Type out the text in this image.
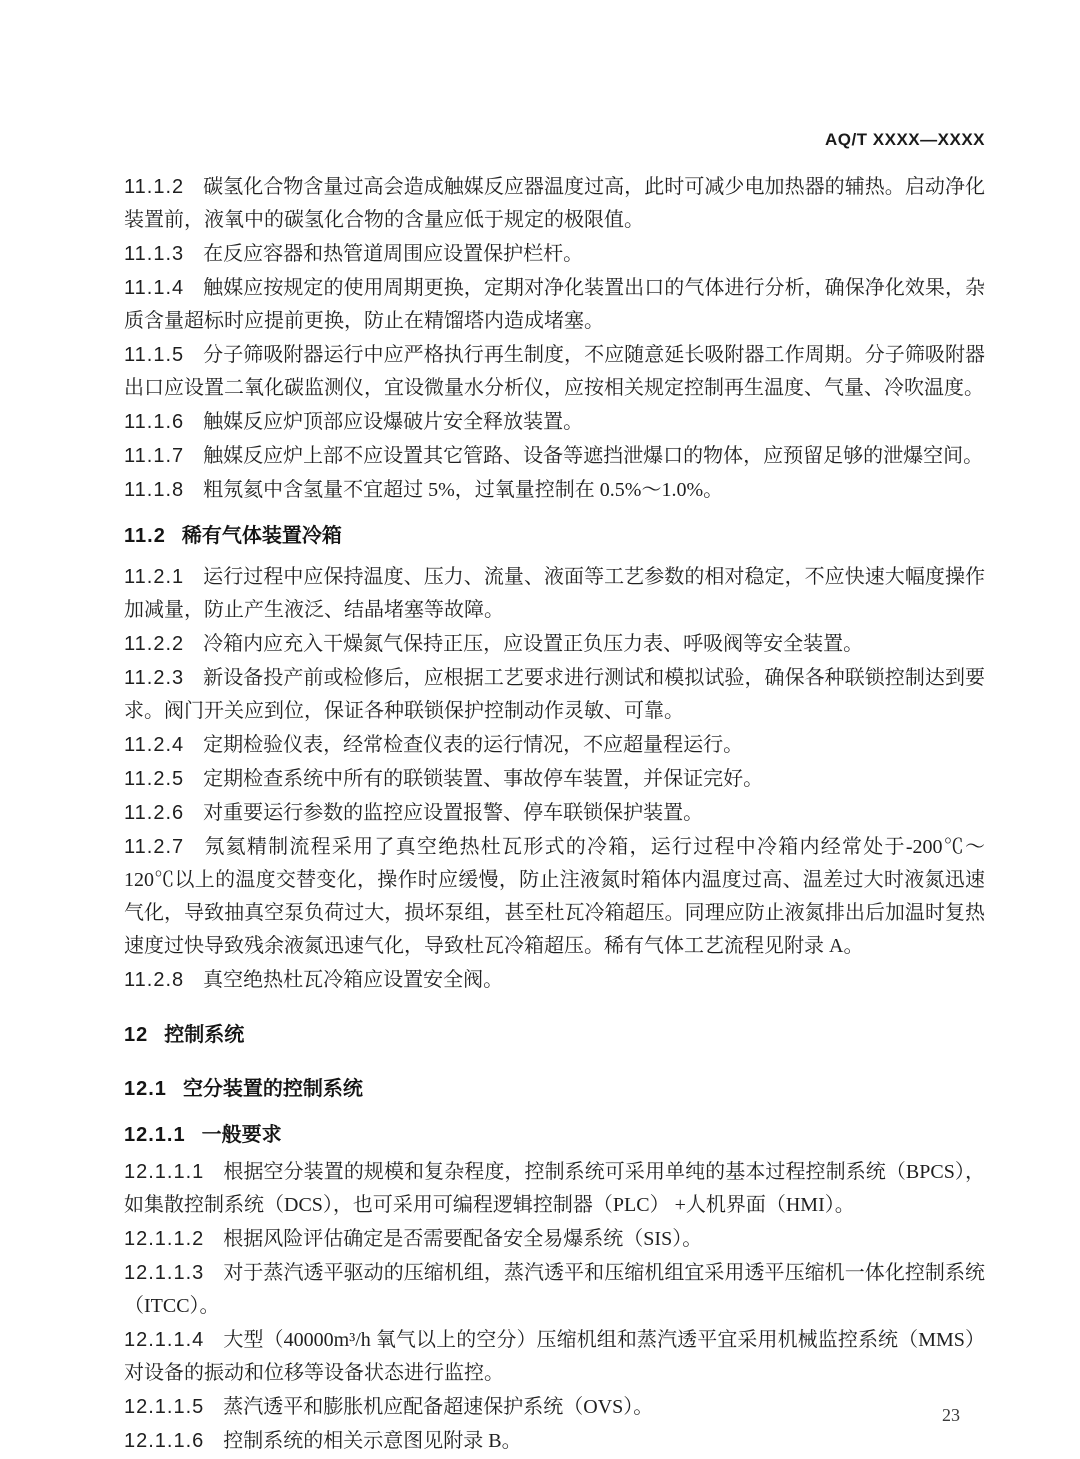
AQ/T XXXX—XXXX

11.1.2 碳氢化合物含量过高会造成触媒反应器温度过高，此时可减少电加热器的辅热。启动净化装置前，液氧中的碳氢化合物的含量应低于规定的极限值。

11.1.3 在反应容器和热管道周围应设置保护栏杆。

11.1.4 触媒应按规定的使用周期更换，定期对净化装置出口的气体进行分析，确保净化效果，杂质含量超标时应提前更换，防止在精馏塔内造成堵塞。

11.1.5 分子筛吸附器运行中应严格执行再生制度，不应随意延长吸附器工作周期。分子筛吸附器出口应设置二氧化碳监测仪，宜设微量水分析仪，应按相关规定控制再生温度、气量、冷吹温度。

11.1.6 触媒反应炉顶部应设爆破片安全释放装置。

11.1.7 触媒反应炉上部不应设置其它管路、设备等遮挡泄爆口的物体，应预留足够的泄爆空间。

11.1.8 粗氖氦中含氢量不宜超过 5%，过氧量控制在 0.5%～1.0%。

11.2 稀有气体装置冷箱

11.2.1 运行过程中应保持温度、压力、流量、液面等工艺参数的相对稳定，不应快速大幅度操作加减量，防止产生液泛、结晶堵塞等故障。

11.2.2 冷箱内应充入干燥氮气保持正压，应设置正负压力表、呼吸阀等安全装置。

11.2.3 新设备投产前或检修后，应根据工艺要求进行测试和模拟试验，确保各种联锁控制达到要求。阀门开关应到位，保证各种联锁保护控制动作灵敏、可靠。

11.2.4 定期检验仪表，经常检查仪表的运行情况，不应超量程运行。

11.2.5 定期检查系统中所有的联锁装置、事故停车装置，并保证完好。

11.2.6 对重要运行参数的监控应设置报警、停车联锁保护装置。

11.2.7 氖氦精制流程采用了真空绝热杜瓦形式的冷箱，运行过程中冷箱内经常处于-200℃～120℃以上的温度交替变化，操作时应缓慢，防止注液氮时箱体内温度过高、温差过大时液氮迅速气化，导致抽真空泵负荷过大，损坏泵组，甚至杜瓦冷箱超压。同理应防止液氮排出后加温时复热速度过快导致残余液氮迅速气化，导致杜瓦冷箱超压。稀有气体工艺流程见附录 A。

11.2.8 真空绝热杜瓦冷箱应设置安全阀。

12 控制系统
12.1 空分装置的控制系统
12.1.1 一般要求

12.1.1.1 根据空分装置的规模和复杂程度，控制系统可采用单纯的基本过程控制系统（BPCS），如集散控制系统（DCS），也可采用可编程逻辑控制器（PLC） +人机界面（HMI）。

12.1.1.2 根据风险评估确定是否需要配备安全易爆系统（SIS）。

12.1.1.3 对于蒸汽透平驱动的压缩机组，蒸汽透平和压缩机组宜采用透平压缩机一体化控制系统（ITCC）。

12.1.1.4 大型（40000m³/h 氧气以上的空分）压缩机组和蒸汽透平宜采用机械监控系统（MMS）对设备的振动和位移等设备状态进行监控。

12.1.1.5 蒸汽透平和膨胀机应配备超速保护系统（OVS）。

12.1.1.6 控制系统的相关示意图见附录 B。

23
